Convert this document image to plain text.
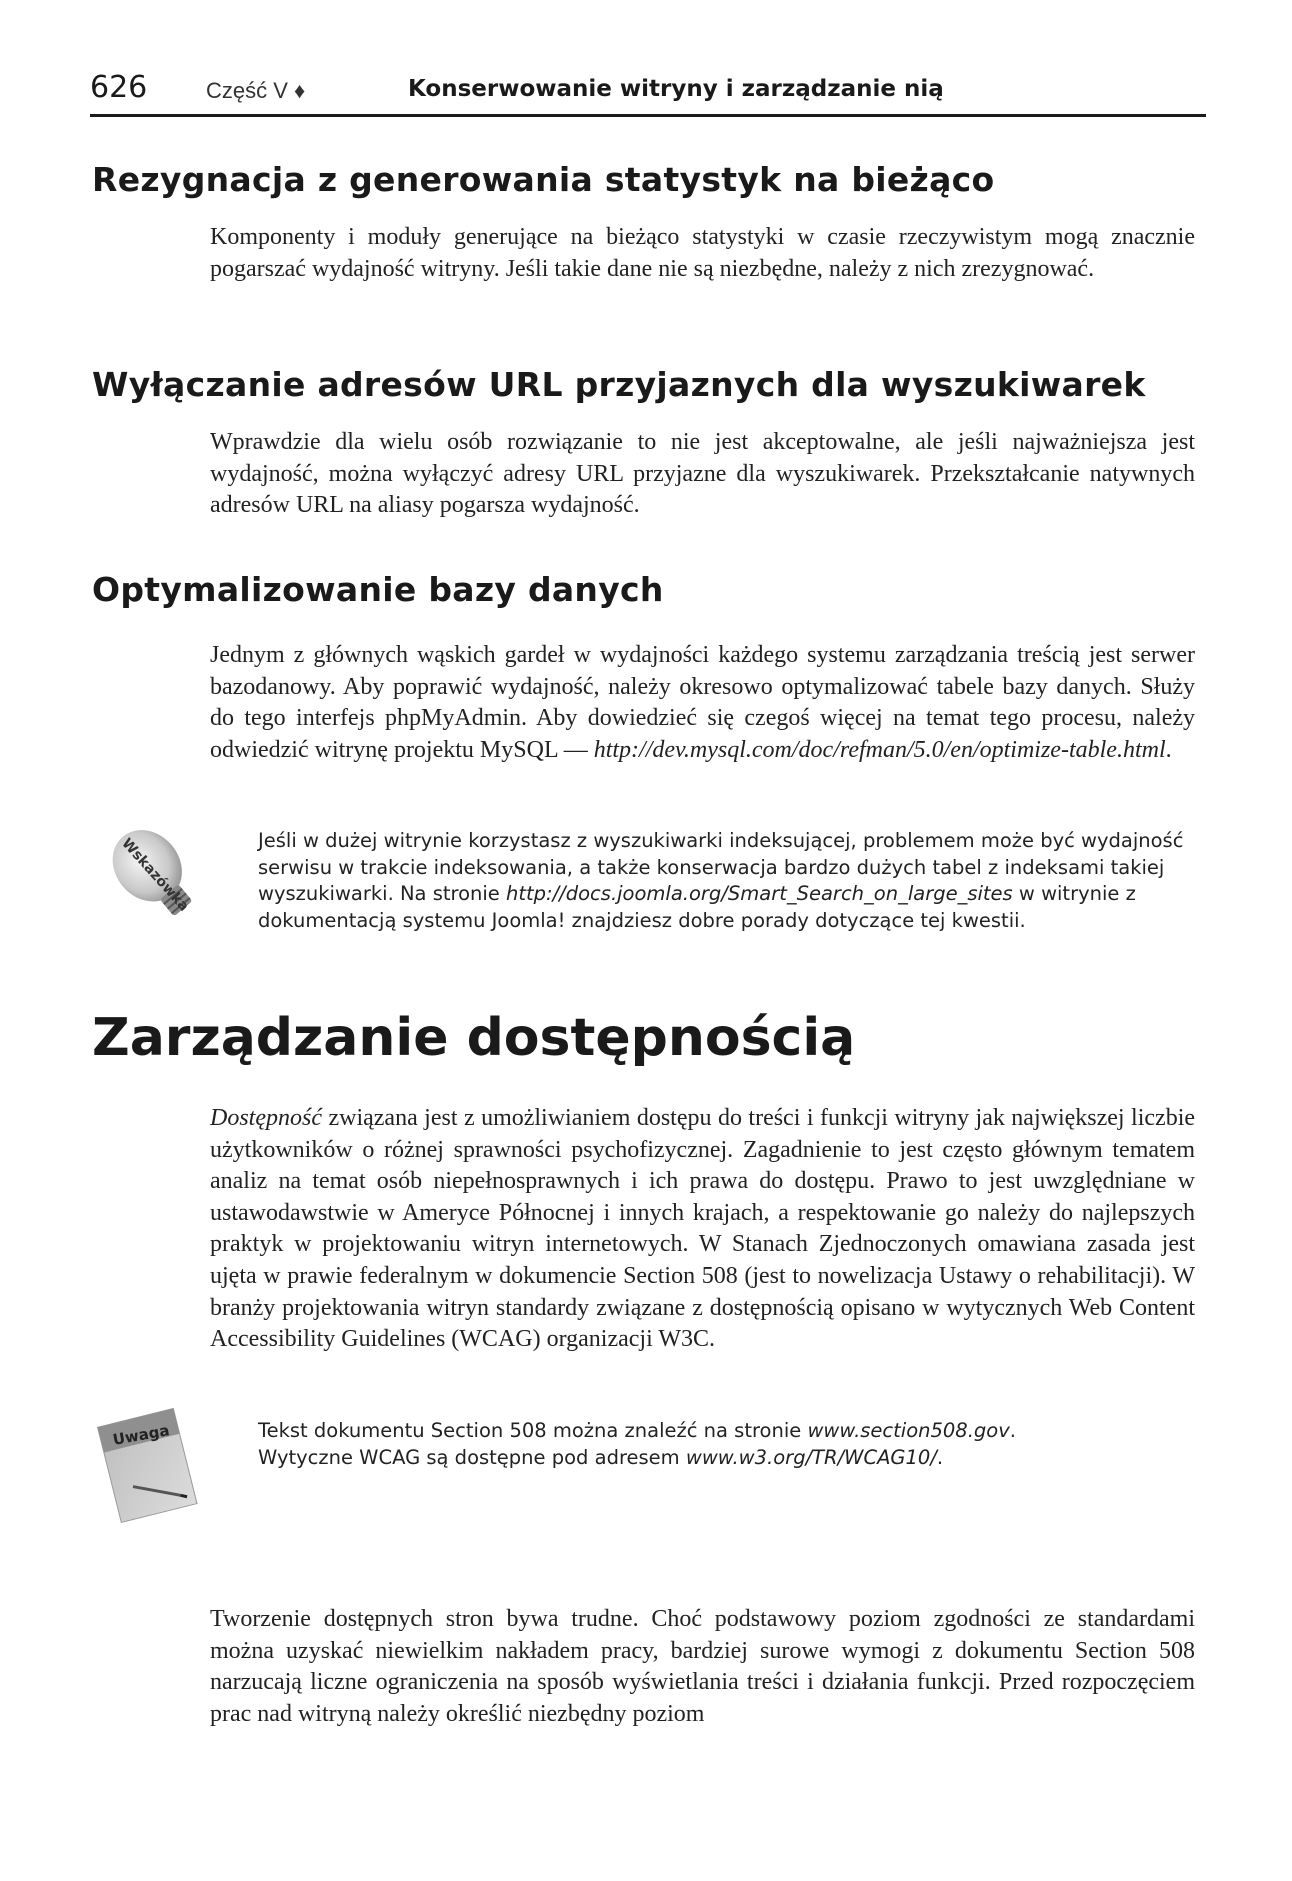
626	Część V ♦	Konserwowanie witryny i zarządzanie nią
Rezygnacja z generowania statystyk na bieżąco

Komponenty i moduły generujące na bieżąco statystyki w czasie rzeczywistym mogą znacznie pogarszać wydajność witryny. Jeśli takie dane nie są niezbędne, należy z nich zrezygnować.

Wyłączanie adresów URL przyjaznych dla wyszukiwarek

Wprawdzie dla wielu osób rozwiązanie to nie jest akceptowalne, ale jeśli najważniejsza jest wydajność, można wyłączyć adresy URL przyjazne dla wyszukiwarek. Przekształcanie natywnych adresów URL na aliasy pogarsza wydajność.

Optymalizowanie bazy danych

Jednym z głównych wąskich gardeł w wydajności każdego systemu zarządzania treścią jest serwer bazodanowy. Aby poprawić wydajność, należy okresowo optymalizować tabele bazy danych. Służy do tego interfejs phpMyAdmin. Aby dowiedzieć się czegoś więcej na temat tego procesu, należy odwiedzić witrynę projektu MySQL — http://dev.mysql.com/doc/refman/5.0/en/optimize-table.html.

Wskazówka	Jeśli w dużej witrynie korzystasz z wyszukiwarki indeksującej, problemem może być wydajność serwisu w trakcie indeksowania, a także konserwacja bardzo dużych tabel z indeksami takiej wyszukiwarki. Na stronie http://docs.joomla.org/Smart_Search_on_large_sites w witrynie z dokumentacją systemu Joomla! znajdziesz dobre porady dotyczące tej kwestii.

Zarządzanie dostępnością

Dostępność związana jest z umożliwianiem dostępu do treści i funkcji witryny jak największej liczbie użytkowników o różnej sprawności psychofizycznej. Zagadnienie to jest często głównym tematem analiz na temat osób niepełnosprawnych i ich prawa do dostępu. Prawo to jest uwzględniane w ustawodawstwie w Ameryce Północnej i innych krajach, a respektowanie go należy do najlepszych praktyk w projektowaniu witryn internetowych. W Stanach Zjednoczonych omawiana zasada jest ujęta w prawie federalnym w dokumencie Section 508 (jest to nowelizacja Ustawy o rehabilitacji). W branży projektowania witryn standardy związane z dostępnością opisano w wytycznych Web Content Accessibility Guidelines (WCAG) organizacji W3C.

Uwaga	Tekst dokumentu Section 508 można znaleźć na stronie www.section508.gov.
Wytyczne WCAG są dostępne pod adresem www.w3.org/TR/WCAG10/.

Tworzenie dostępnych stron bywa trudne. Choć podstawowy poziom zgodności ze standardami można uzyskać niewielkim nakładem pracy, bardziej surowe wymogi z dokumentu Section 508 narzucają liczne ograniczenia na sposób wyświetlania treści i działania funkcji. Przed rozpoczęciem prac nad witryną należy określić niezbędny poziom
